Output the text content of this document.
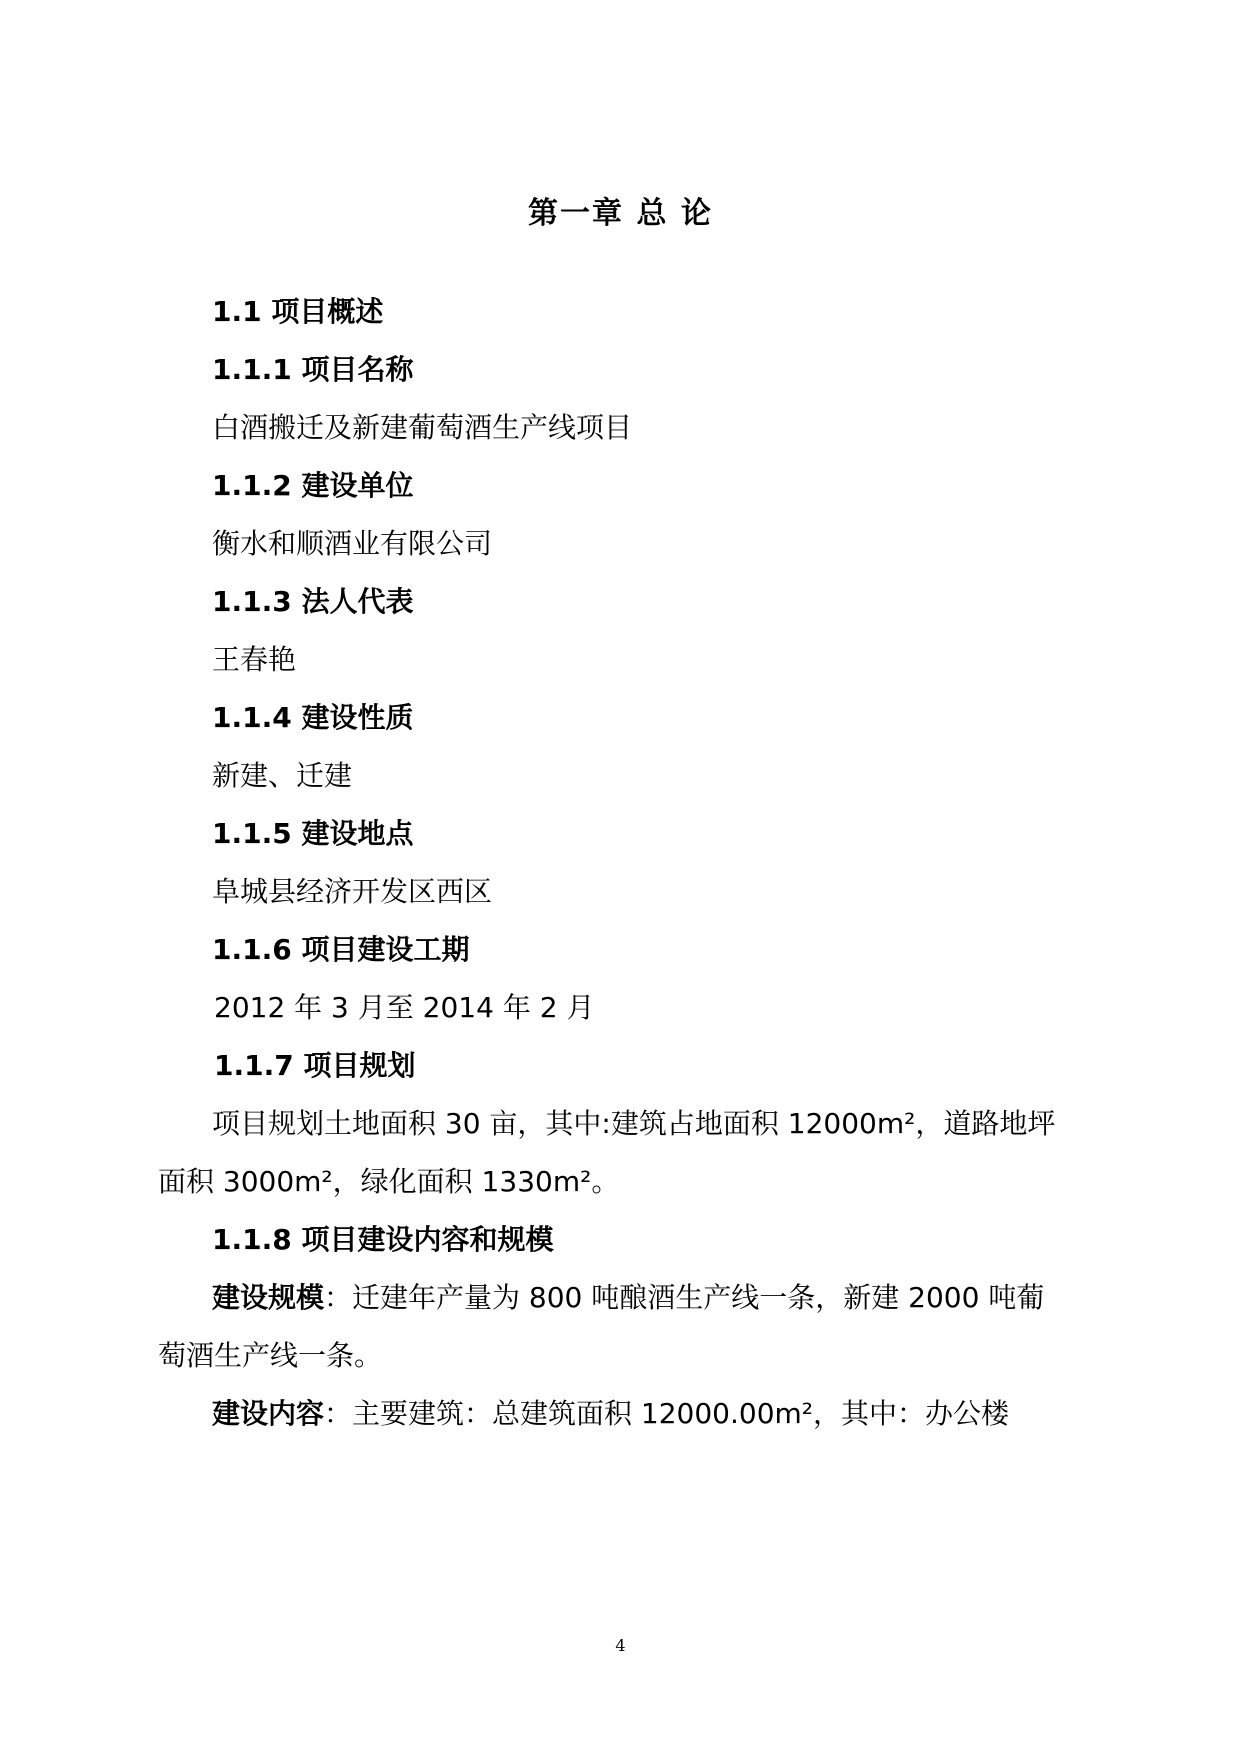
第一章 总 论

1.1 项目概述

1.1.1 项目名称

白酒搬迁及新建葡萄酒生产线项目

1.1.2 建设单位

衡水和顺酒业有限公司

1.1.3 法人代表

王春艳

1.1.4 建设性质

新建、迁建

1.1.5 建设地点

阜城县经济开发区西区

1.1.6 项目建设工期

2012 年 3 月至 2014 年 2 月

1.1.7 项目规划

项目规划土地面积 30 亩，其中:建筑占地面积 12000m²，道路地坪

面积 3000m²，绿化面积 1330m²。

1.1.8 项目建设内容和规模

建设规模：迁建年产量为 800 吨酿酒生产线一条，新建 2000 吨葡

萄酒生产线一条。

建设内容：主要建筑：总建筑面积 12000.00m²，其中：办公楼

4
